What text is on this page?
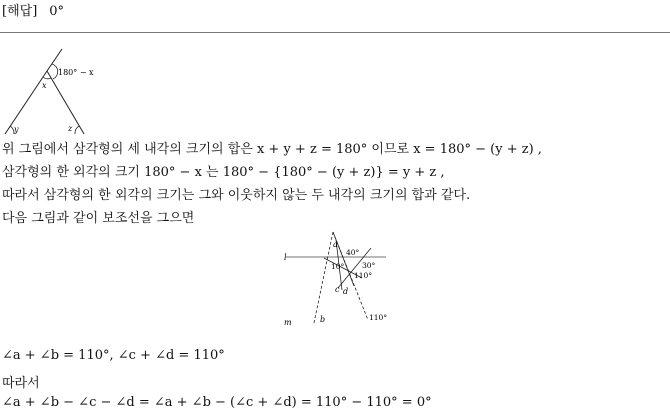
[해답] 0°
180° − x
x
y	z
위 그림에서 삼각형의 세 내각의 크기의 합은 x + y + z = 180° 이므로 x = 180° − (y + z) ,
삼각형의 한 외각의 크기 180° − x 는 180° − {180° − (y + z)} = y + z ,
따라서 삼각형의 한 외각의 크기는 그와 이웃하지 않는 두 내각의 크기의 합과 같다.
다음 그림과 같이 보조선을 그으면
l
m
a
b
c d
40°
10° 30°
110°
110°
∠a + ∠b = 110°, ∠c + ∠d = 110°
따라서
∠a + ∠b − ∠c − ∠d = ∠a + ∠b − (∠c + ∠d) = 110° − 110° = 0°
